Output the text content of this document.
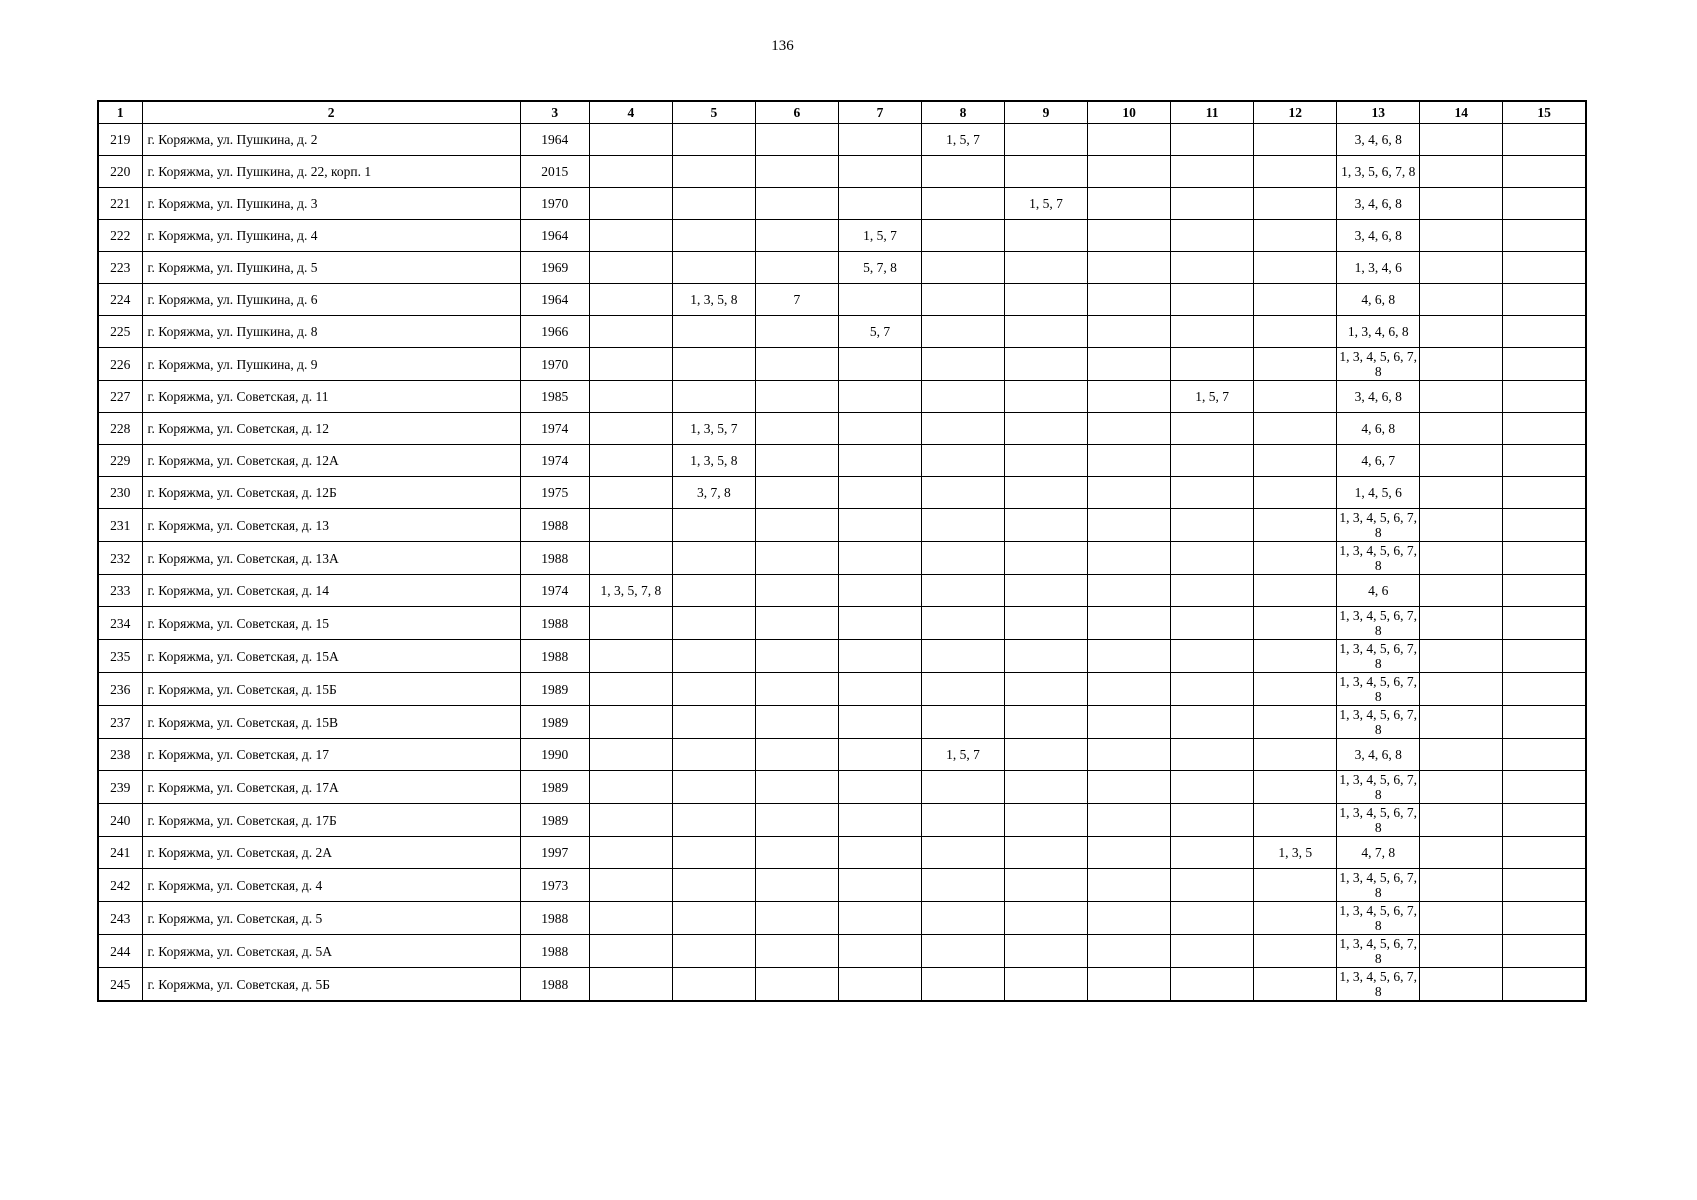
136
1	2	3	4	5	6	7	8	9	10	11	12	13	14	15
219	г. Коряжма, ул. Пушкина, д. 2	1964					1, 5, 7					3, 4, 6, 8		
220	г. Коряжма, ул. Пушкина, д. 22, корп. 1	2015										1, 3, 5, 6, 7, 8		
221	г. Коряжма, ул. Пушкина, д. 3	1970						1, 5, 7				3, 4, 6, 8		
222	г. Коряжма, ул. Пушкина, д. 4	1964				1, 5, 7						3, 4, 6, 8		
223	г. Коряжма, ул. Пушкина, д. 5	1969				5, 7, 8						1, 3, 4, 6		
224	г. Коряжма, ул. Пушкина, д. 6	1964		1, 3, 5, 8	7							4, 6, 8		
225	г. Коряжма, ул. Пушкина, д. 8	1966				5, 7						1, 3, 4, 6, 8		
226	г. Коряжма, ул. Пушкина, д. 9	1970										1, 3, 4, 5, 6, 7, 8		
227	г. Коряжма, ул. Советская, д. 11	1985								1, 5, 7		3, 4, 6, 8		
228	г. Коряжма, ул. Советская, д. 12	1974		1, 3, 5, 7								4, 6, 8		
229	г. Коряжма, ул. Советская, д. 12А	1974		1, 3, 5, 8								4, 6, 7		
230	г. Коряжма, ул. Советская, д. 12Б	1975		3, 7, 8								1, 4, 5, 6		
231	г. Коряжма, ул. Советская, д. 13	1988										1, 3, 4, 5, 6, 7, 8		
232	г. Коряжма, ул. Советская, д. 13А	1988										1, 3, 4, 5, 6, 7, 8		
233	г. Коряжма, ул. Советская, д. 14	1974	1, 3, 5, 7, 8									4, 6		
234	г. Коряжма, ул. Советская, д. 15	1988										1, 3, 4, 5, 6, 7, 8		
235	г. Коряжма, ул. Советская, д. 15А	1988										1, 3, 4, 5, 6, 7, 8		
236	г. Коряжма, ул. Советская, д. 15Б	1989										1, 3, 4, 5, 6, 7, 8		
237	г. Коряжма, ул. Советская, д. 15В	1989										1, 3, 4, 5, 6, 7, 8		
238	г. Коряжма, ул. Советская, д. 17	1990					1, 5, 7					3, 4, 6, 8		
239	г. Коряжма, ул. Советская, д. 17А	1989										1, 3, 4, 5, 6, 7, 8		
240	г. Коряжма, ул. Советская, д. 17Б	1989										1, 3, 4, 5, 6, 7, 8		
241	г. Коряжма, ул. Советская, д. 2А	1997									1, 3, 5	4, 7, 8		
242	г. Коряжма, ул. Советская, д. 4	1973										1, 3, 4, 5, 6, 7, 8		
243	г. Коряжма, ул. Советская, д. 5	1988										1, 3, 4, 5, 6, 7, 8		
244	г. Коряжма, ул. Советская, д. 5А	1988										1, 3, 4, 5, 6, 7, 8		
245	г. Коряжма, ул. Советская, д. 5Б	1988										1, 3, 4, 5, 6, 7, 8		
